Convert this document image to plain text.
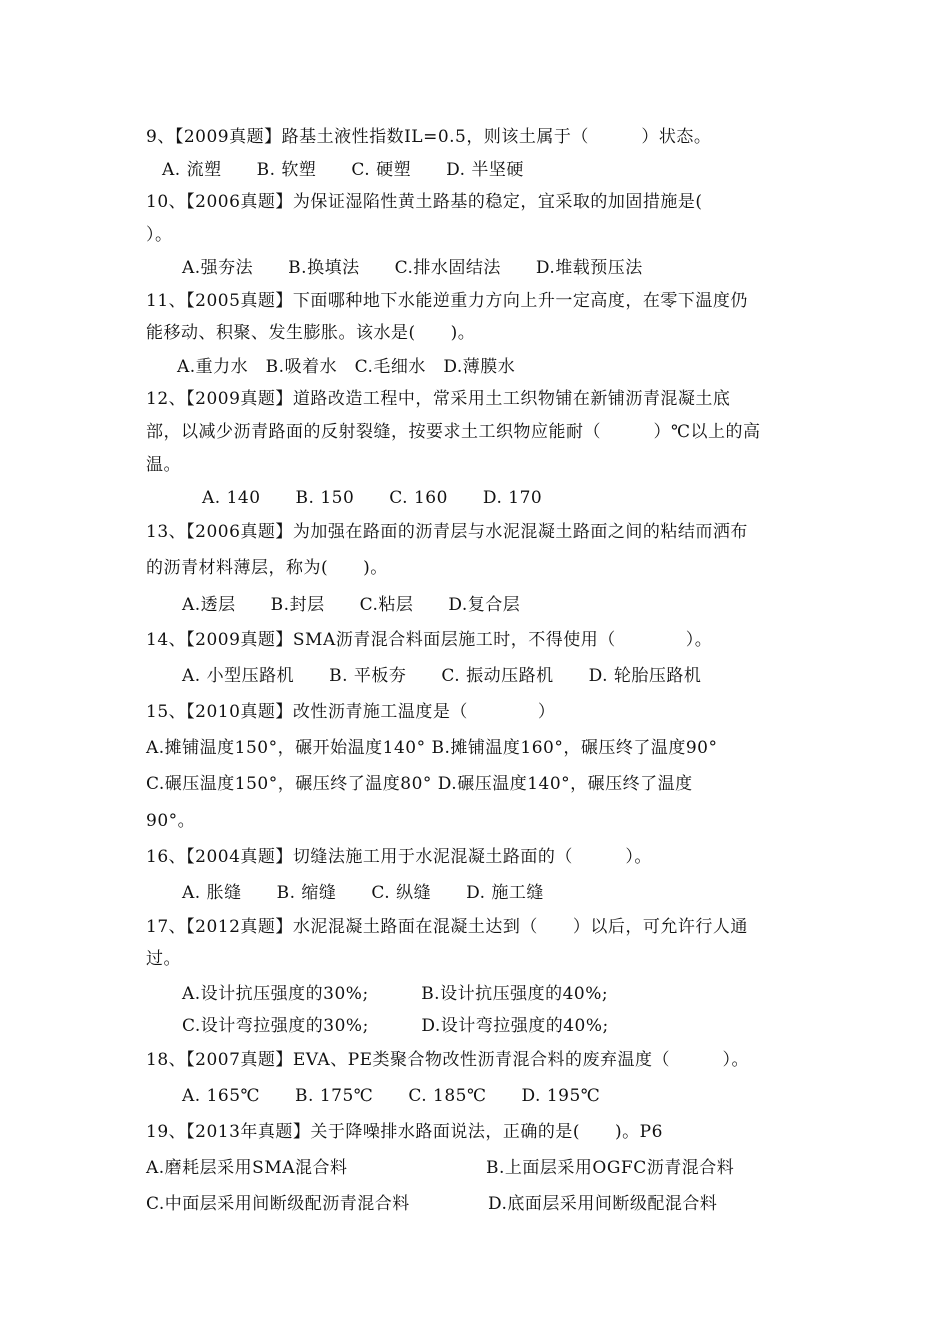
9、【2009真题】路基土液性指数IL=0.5，则该土属于（　　　）状态。
A. 流塑　　B. 软塑　　C. 硬塑　　D. 半坚硬
10、【2006真题】为保证湿陷性黄土路基的稳定，宜采取的加固措施是(
）。
A.强夯法　　B.换填法　　C.排水固结法　　D.堆载预压法
11、【2005真题】下面哪种地下水能逆重力方向上升一定高度，在零下温度仍
能移动、积聚、发生膨胀。该水是(　　)。
A.重力水　B.吸着水　C.毛细水　D.薄膜水
12、【2009真题】道路改造工程中，常采用土工织物铺在新铺沥青混凝土底
部，以减少沥青路面的反射裂缝，按要求土工织物应能耐（　　　）℃以上的高
温。
A. 140　　B. 150　　C. 160　　D. 170
13、【2006真题】为加强在路面的沥青层与水泥混凝土路面之间的粘结而洒布
的沥青材料薄层，称为(　　)。
A.透层　　B.封层　　C.粘层　　D.复合层
14、【2009真题】SMA沥青混合料面层施工时，不得使用（　　　　）。
A. 小型压路机　　B. 平板夯　　C. 振动压路机　　D. 轮胎压路机
15、【2010真题】改性沥青施工温度是（　　　　）
A.摊铺温度150°，碾开始温度140° B.摊铺温度160°，碾压终了温度90°
C.碾压温度150°，碾压终了温度80° D.碾压温度140°，碾压终了温度
90°。
16、【2004真题】切缝法施工用于水泥混凝土路面的（　　　）。
A. 胀缝　　B. 缩缝　　C. 纵缝　　D. 施工缝
17、【2012真题】水泥混凝土路面在混凝土达到（　　）以后，可允许行人通
过。
A.设计抗压强度的30%;　　　B.设计抗压强度的40%;
C.设计弯拉强度的30%;　　　D.设计弯拉强度的40%;
18、【2007真题】EVA、PE类聚合物改性沥青混合料的废弃温度（　　　）。
A. 165℃　　B. 175℃　　C. 185℃　　D. 195℃
19、【2013年真题】关于降噪排水路面说法，正确的是(　　)。P6
A.磨耗层采用SMA混合料	B.上面层采用OGFC沥青混合料
C.中面层采用间断级配沥青混合料	D.底面层采用间断级配混合料
